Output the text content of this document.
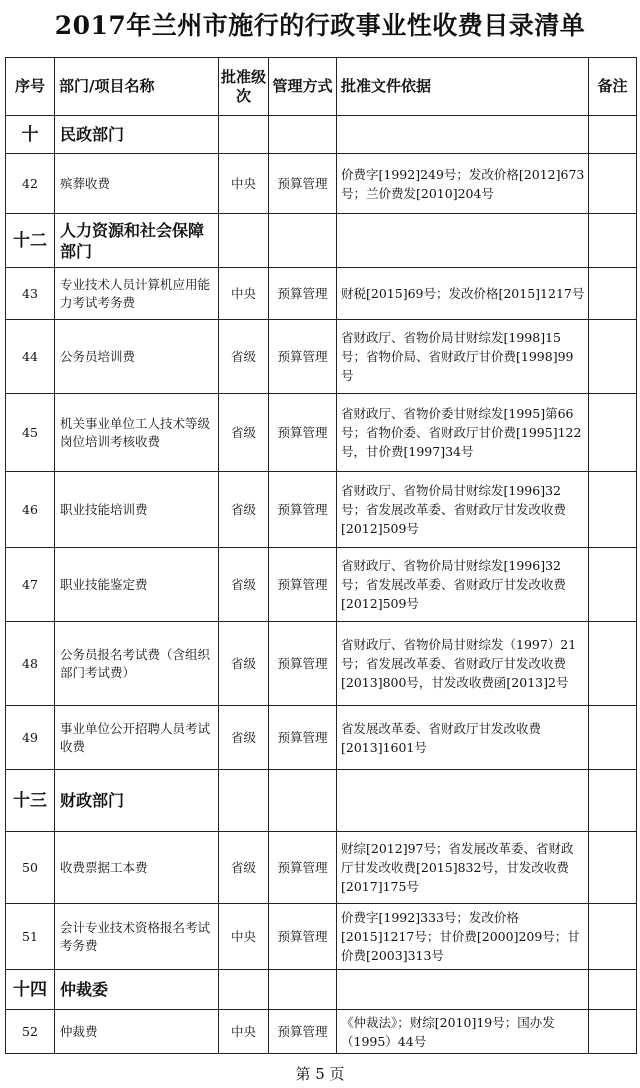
2017年兰州市施行的行政事业性收费目录清单
序号	部门/项目名称	批准级次	管理方式	批准文件依据	备注
十	民政部门				
42	殡葬收费	中央	预算管理	价费字[1992]249号；发改价格[2012]673号；兰价费发[2010]204号	
十二	人力资源和社会保障部门				
43	专业技术人员计算机应用能力考试考务费	中央	预算管理	财税[2015]69号；发改价格[2015]1217号	
44	公务员培训费	省级	预算管理	省财政厅、省物价局甘财综发[1998]15号；省物价局、省财政厅甘价费[1998]99号	
45	机关事业单位工人技术等级岗位培训考核收费	省级	预算管理	省财政厅、省物价委甘财综发[1995]第66号；省物价委、省财政厅甘价费[1995]122号，甘价费[1997]34号	
46	职业技能培训费	省级	预算管理	省财政厅、省物价局甘财综发[1996]32号；省发展改革委、省财政厅甘发改收费[2012]509号	
47	职业技能鉴定费	省级	预算管理	省财政厅、省物价局甘财综发[1996]32号；省发展改革委、省财政厅甘发改收费[2012]509号	
48	公务员报名考试费（含组织部门考试费）	省级	预算管理	省财政厅、省物价局甘财综发（1997）21号；省发展改革委、省财政厅甘发改收费[2013]800号，甘发改收费函[2013]2号	
49	事业单位公开招聘人员考试收费	省级	预算管理	省发展改革委、省财政厅甘发改收费[2013]1601号	
十三	财政部门				
50	收费票据工本费	省级	预算管理	财综[2012]97号；省发展改革委、省财政厅甘发改收费[2015]832号，甘发改收费[2017]175号	
51	会计专业技术资格报名考试考务费	中央	预算管理	价费字[1992]333号；发改价格[2015]1217号；甘价费[2000]209号；甘价费[2003]313号	
十四	仲裁委				
52	仲裁费	中央	预算管理	《仲裁法》；财综[2010]19号；国办发（1995）44号	
第 5 页
